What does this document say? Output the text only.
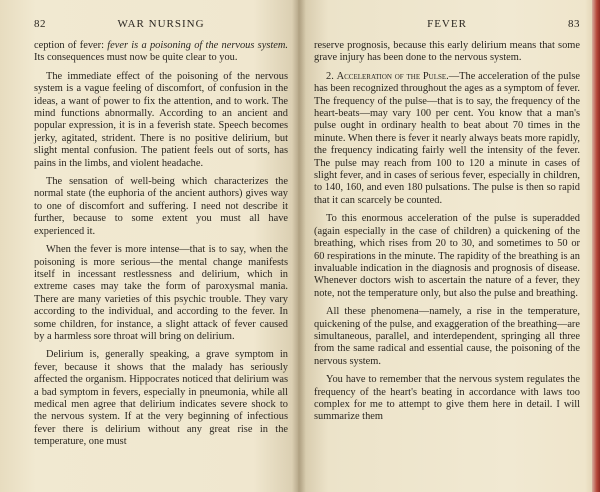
82	WAR NURSING

ception of fever: fever is a poisoning of the nervous system. Its consequences must now be quite clear to you.

The immediate effect of the poisoning of the nervous system is a vague feeling of discomfort, of confusion in the ideas, a want of power to fix the attention, and to work. The mind functions abnormally. According to an ancient and popular expression, it is in a feverish state. Speech becomes jerky, agitated, strident. There is no positive delirium, but slight mental confusion. The patient feels out of sorts, has pains in the limbs, and violent headache.

The sensation of well-being which characterizes the normal state (the euphoria of the ancient authors) gives way to one of discomfort and suffering. I need not describe it further, because to some extent you must all have experienced it.

When the fever is more intense—that is to say, when the poisoning is more serious—the mental change manifests itself in incessant restlessness and delirium, which in extreme cases may take the form of paroxysmal mania. There are many varieties of this psychic trouble. They vary according to the individual, and according to the fever. In some children, for instance, a slight attack of fever caused by a harmless sore throat will bring on delirium.

Delirium is, generally speaking, a grave symptom in fever, because it shows that the malady has seriously affected the organism. Hippocrates noticed that delirium was a bad symptom in fevers, especially in pneumonia, while all medical men agree that delirium indicates severe shock to the nervous system. If at the very beginning of infectious fever there is delirium without any great rise in the temperature, one must

FEVER	83

reserve prognosis, because this early delirium means that some grave injury has been done to the nervous system.

2. Acceleration of the Pulse.—The acceleration of the pulse has been recognized throughout the ages as a symptom of fever. The frequency of the pulse—that is to say, the frequency of the heart-beats—may vary 100 per cent. You know that a man's pulse ought in ordinary health to beat about 70 times in the minute. When there is fever it nearly always beats more rapidly, the frequency indicating fairly well the intensity of the fever. The pulse may reach from 100 to 120 a minute in cases of slight fever, and in cases of serious fever, especially in children, to 140, 160, and even 180 pulsations. The pulse is then so rapid that it can scarcely be counted.

To this enormous acceleration of the pulse is superadded (again especially in the case of children) a quickening of the breathing, which rises from 20 to 30, and sometimes to 50 or 60 respirations in the minute. The rapidity of the breathing is an invaluable indication in the diagnosis and prognosis of disease. Whenever doctors wish to ascertain the nature of a fever, they note, not the temperature only, but also the pulse and breathing.

All these phenomena—namely, a rise in the temperature, quickening of the pulse, and exaggeration of the breathing—are simultaneous, parallel, and interdependent, springing all three from the same radical and essential cause, the poisoning of the nervous system.

You have to remember that the nervous system regulates the frequency of the heart's beating in accordance with laws too complex for me to attempt to give them here in detail. I will summarize them
